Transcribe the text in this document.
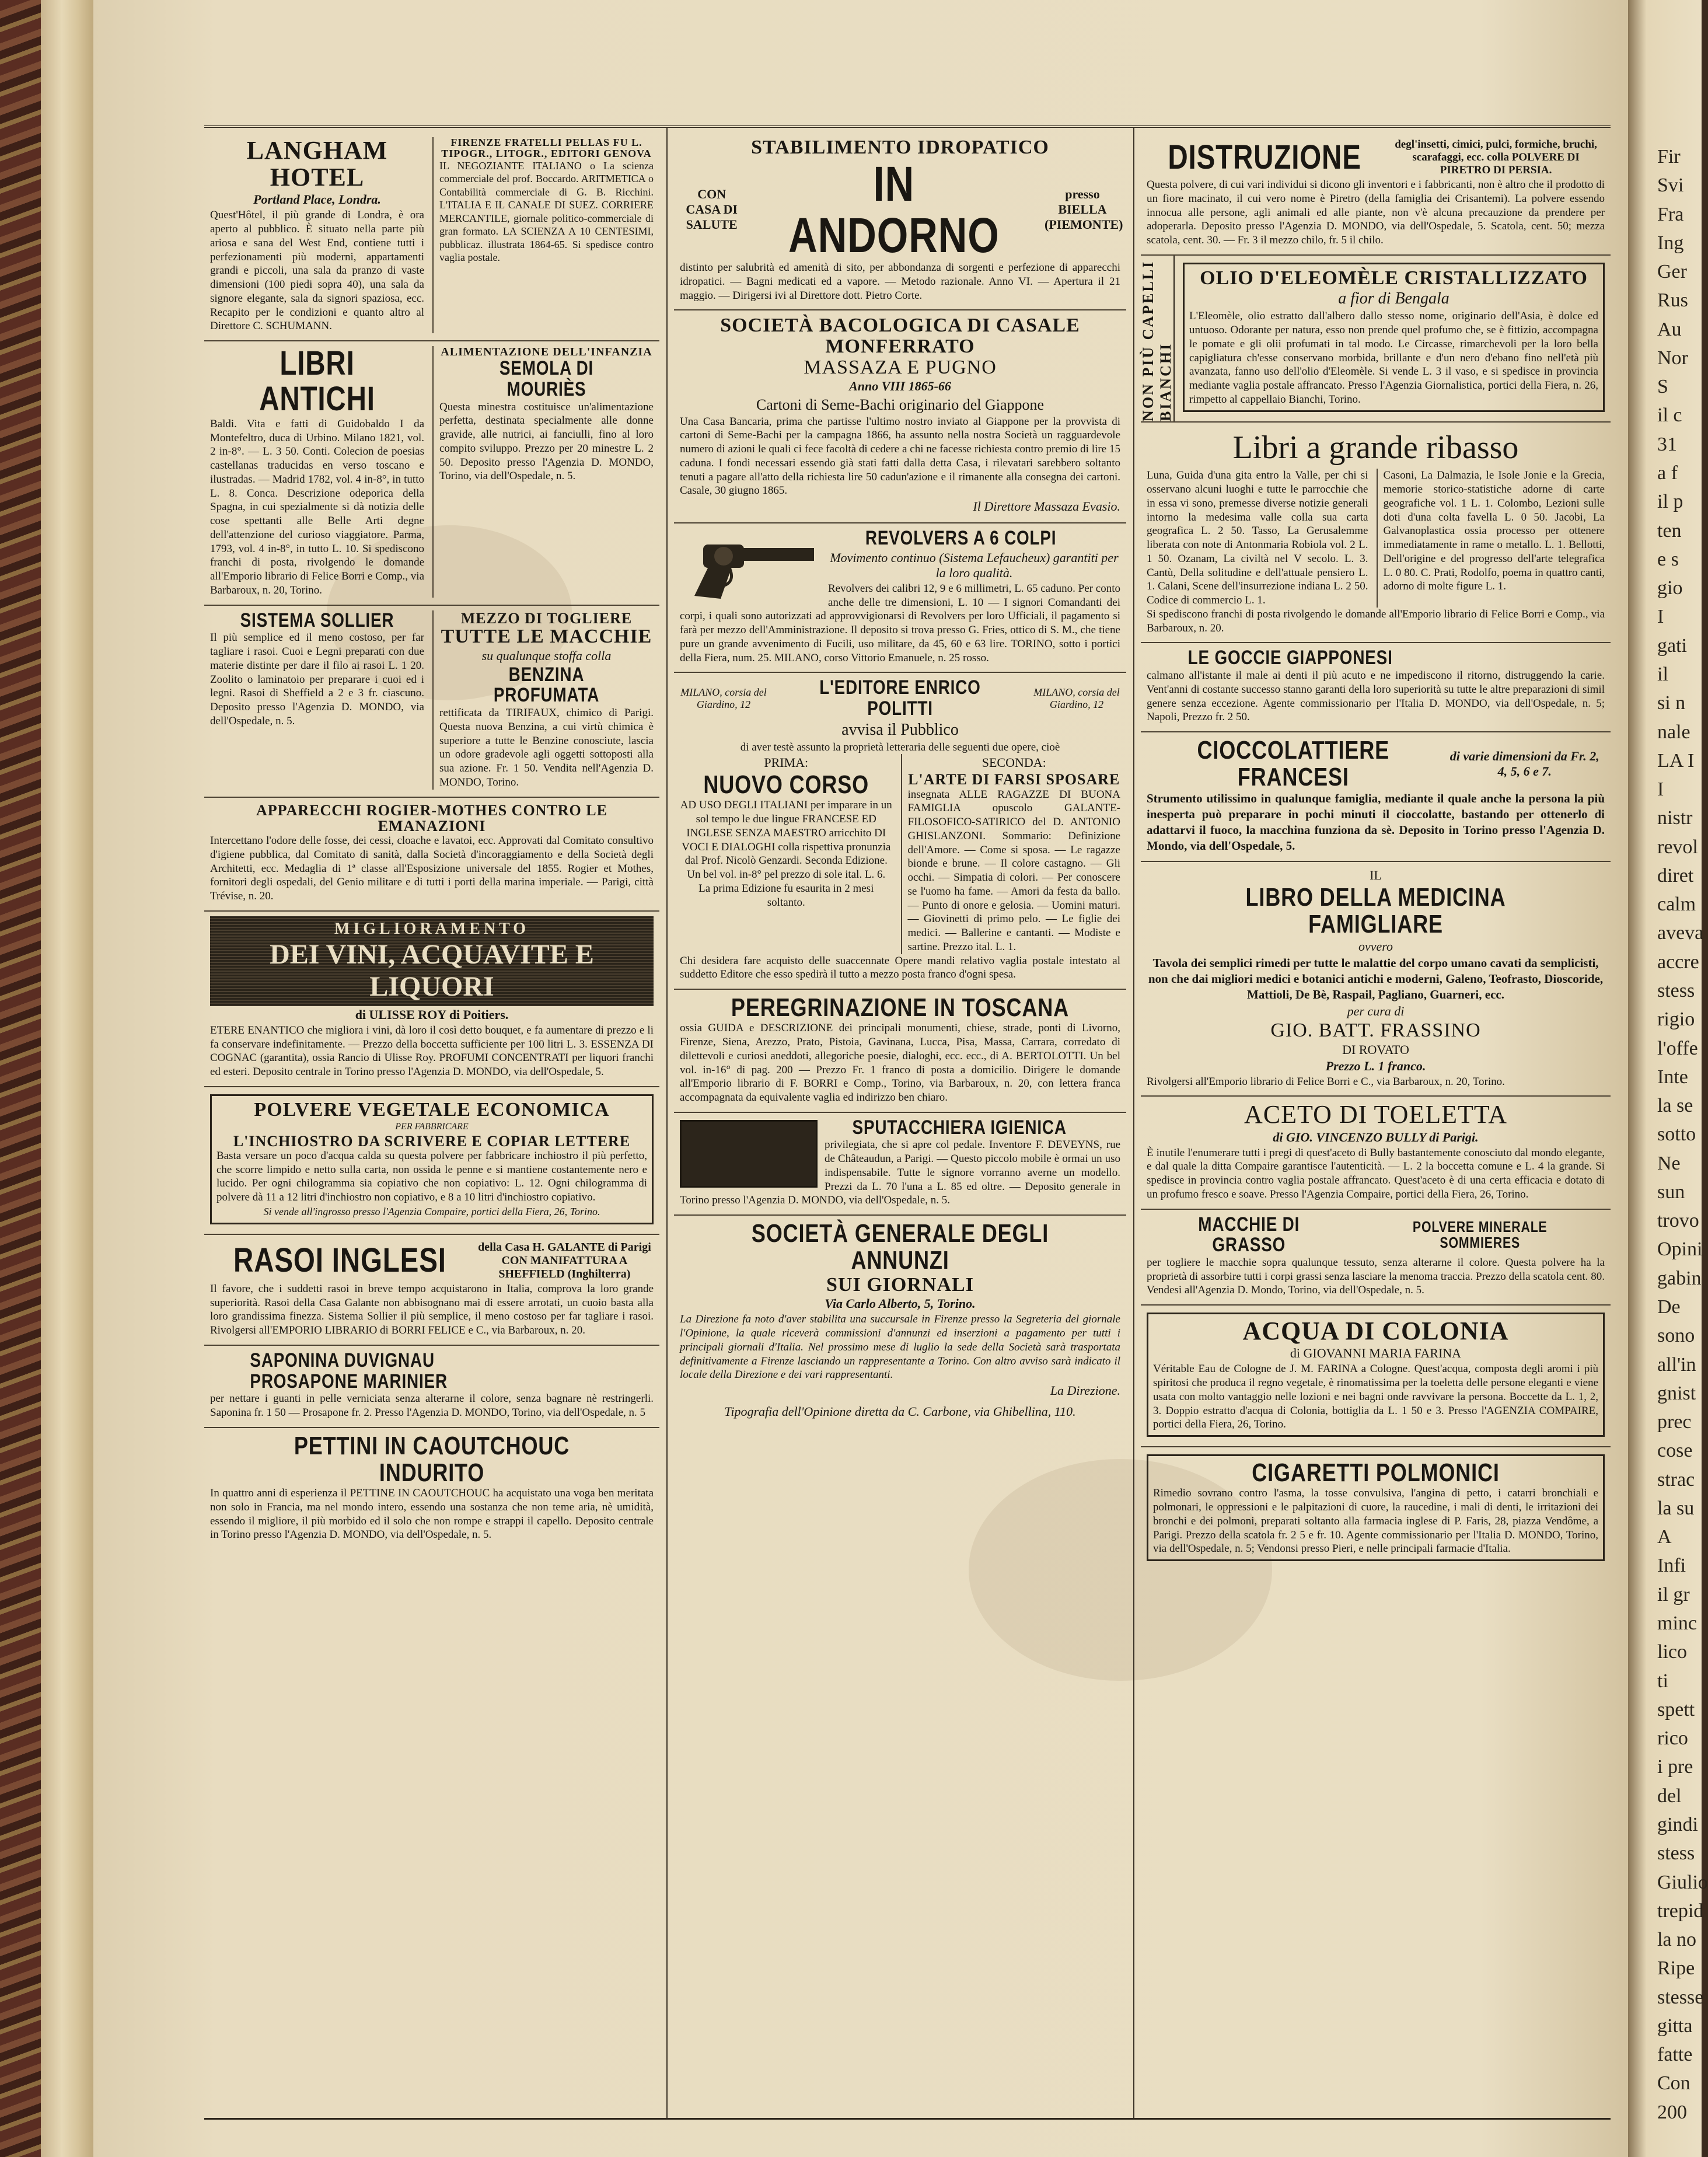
Fir
Svi
Fra
Ing
Ger
Rus
Au
Nor
S
il c
31
a f
il p
ten
e s
gio
I
gati
il
si n
nale
LA I
I
nistr
revol
diret
calm
aveva
accre
stess
rigio
l'offe
Inte
la se
sotto
Ne
sun
trovo
Opini
gabin
De
sono
all'in
gnist
prec
cose
strac
la su
A
Infi
il gr
minc
lico
ti
spett
rico
i pre
del
gindi
stess
Giulio
trepid
la no
Ripe
stesse
gitta
fatte
Con
200
LANGHAM HOTEL
Portland Place, Londra.
Quest'Hôtel, il più grande di Londra, è ora aperto al pubblico. È situato nella parte più ariosa e sana del West End, contiene tutti i perfezionamenti più moderni, appartamenti grandi e piccoli, una sala da pranzo di vaste dimensioni (100 piedi sopra 40), una sala da signore elegante, sala da signori spaziosa, ecc. Recapito per le condizioni e quanto altro al Direttore C. SCHUMANN.
FIRENZE FRATELLI PELLAS FU L. TIPOGR., LITOGR., EDITORI GENOVA
IL NEGOZIANTE ITALIANO o La scienza commerciale del prof. Boccardo. ARITMETICA o Contabilità commerciale di G. B. Ricchini. L'ITALIA E IL CANALE DI SUEZ. CORRIERE MERCANTILE, giornale politico-commerciale di gran formato. LA SCIENZA A 10 CENTESIMI, pubblicaz. illustrata 1864-65. Si spedisce contro vaglia postale.
LIBRI ANTICHI
Baldi. Vita e fatti di Guidobaldo I da Montefeltro, duca di Urbino. Milano 1821, vol. 2 in-8°. — L. 3 50. Conti. Colecion de poesias castellanas traducidas en verso toscano e ilustradas. — Madrid 1782, vol. 4 in-8°, in tutto L. 8. Conca. Descrizione odeporica della Spagna, in cui spezialmente si dà notizia delle cose spettanti alle Belle Arti degne dell'attenzione del curioso viaggiatore. Parma, 1793, vol. 4 in-8°, in tutto L. 10. Si spediscono franchi di posta, rivolgendo le domande all'Emporio librario di Felice Borri e Comp., via Barbaroux, n. 20, Torino.
ALIMENTAZIONE DELL'INFANZIA
SEMOLA DI MOURIÈS
Questa minestra costituisce un'alimentazione perfetta, destinata specialmente alle donne gravide, alle nutrici, ai fanciulli, fino al loro compito sviluppo. Prezzo per 20 minestre L. 2 50. Deposito presso l'Agenzia D. MONDO, Torino, via dell'Ospedale, n. 5.
SISTEMA SOLLIER
Il più semplice ed il meno costoso, per far tagliare i rasoi. Cuoi e Legni preparati con due materie distinte per dare il filo ai rasoi L. 1 20. Zoolito o laminatoio per preparare i cuoi ed i legni. Rasoi di Sheffield a 2 e 3 fr. ciascuno. Deposito presso l'Agenzia D. MONDO, via dell'Ospedale, n. 5.
MEZZO DI TOGLIERE
TUTTE LE MACCHIE
su qualunque stoffa colla
BENZINA PROFUMATA
rettificata da TIRIFAUX, chimico di Parigi. Questa nuova Benzina, a cui virtù chimica è superiore a tutte le Benzine conosciute, lascia un odore gradevole agli oggetti sottoposti alla sua azione. Fr. 1 50. Vendita nell'Agenzia D. MONDO, Torino.
APPARECCHI ROGIER-MOTHES CONTRO LE EMANAZIONI
Intercettano l'odore delle fosse, dei cessi, cloache e lavatoi, ecc. Approvati dal Comitato consultivo d'igiene pubblica, dal Comitato di sanità, dalla Società d'incoraggiamento e della Società degli Architetti, ecc. Medaglia di 1ª classe all'Esposizione universale del 1855. Rogier et Mothes, fornitori degli ospedali, del Genio militare e di tutti i porti della marina imperiale. — Parigi, città Trévise, n. 20.
MIGLIORAMENTO
DEI VINI, ACQUAVITE E LIQUORI
di ULISSE ROY di Poitiers.
ETERE ENANTICO che migliora i vini, dà loro il così detto bouquet, e fa aumentare di prezzo e li fa conservare indefinitamente. — Prezzo della boccetta sufficiente per 100 litri L. 3. ESSENZA DI COGNAC (garantita), ossia Rancio di Ulisse Roy. PROFUMI CONCENTRATI per liquori franchi ed esteri. Deposito centrale in Torino presso l'Agenzia D. MONDO, via dell'Ospedale, 5.
POLVERE VEGETALE ECONOMICA
PER FABBRICARE
L'INCHIOSTRO DA SCRIVERE E COPIAR LETTERE
Basta versare un poco d'acqua calda su questa polvere per fabbricare inchiostro il più perfetto, che scorre limpido e netto sulla carta, non ossida le penne e si mantiene costantemente nero e lucido. Per ogni chilogramma sia copiativo che non copiativo: L. 12. Ogni chilogramma di polvere dà 11 a 12 litri d'inchiostro non copiativo, e 8 a 10 litri d'inchiostro copiativo.
Si vende all'ingrosso presso l'Agenzia Compaire, portici della Fiera, 26, Torino.
RASOI INGLESI	della Casa H. GALANTE di Parigi CON MANIFATTURA A SHEFFIELD (Inghilterra)
Il favore, che i suddetti rasoi in breve tempo acquistarono in Italia, comprova la loro grande superiorità. Rasoi della Casa Galante non abbisognano mai di essere arrotati, un cuoio basta alla loro grandissima finezza. Sistema Sollier il più semplice, il meno costoso per far tagliare i rasoi. Rivolgersi all'EMPORIO LIBRARIO di BORRI FELICE e C., via Barbaroux, n. 20.
SAPONINA DUVIGNAU
PROSAPONE MARINIER
per nettare i guanti in pelle verniciata senza alterarne il colore, senza bagnare nè restringerli. Saponina fr. 1 50 — Prosapone fr. 2. Presso l'Agenzia D. MONDO, Torino, via dell'Ospedale, n. 5
PETTINI IN CAOUTCHOUC INDURITO
In quattro anni di esperienza il PETTINE IN CAOUTCHOUC ha acquistato una voga ben meritata non solo in Francia, ma nel mondo intero, essendo una sostanza che non teme aria, nè umidità, essendo il migliore, il più morbido ed il solo che non rompe e strappi il capello. Deposito centrale in Torino presso l'Agenzia D. MONDO, via dell'Ospedale, n. 5.
STABILIMENTO IDROPATICO
CON CASA DI SALUTE
IN ANDORNO
presso BIELLA (PIEMONTE)
distinto per salubrità ed amenità di sito, per abbondanza di sorgenti e perfezione di apparecchi idropatici. — Bagni medicati ed a vapore. — Metodo razionale. Anno VI. — Apertura il 21 maggio. — Dirigersi ivi al Direttore dott. Pietro Corte.
SOCIETÀ BACOLOGICA DI CASALE MONFERRATO
MASSAZA E PUGNO
Anno VIII 1865-66
Cartoni di Seme-Bachi originario del Giappone
Una Casa Bancaria, prima che partisse l'ultimo nostro inviato al Giappone per la provvista di cartoni di Seme-Bachi per la campagna 1866, ha assunto nella nostra Società un ragguardevole numero di azioni le quali ci fece facoltà di cedere a chi ne facesse richiesta contro premio di lire 15 caduna. I fondi necessari essendo già stati fatti dalla detta Casa, i rilevatari sarebbero soltanto tenuti a pagare all'atto della richiesta lire 50 cadun'azione e il rimanente alla consegna dei cartoni. Casale, 30 giugno 1865.
Il Direttore Massaza Evasio.
REVOLVERS A 6 COLPI
Movimento continuo (Sistema Lefaucheux) garantiti per la loro qualità.
Revolvers dei calibri 12, 9 e 6 millimetri, L. 65 caduno. Per conto anche delle tre dimensioni, L. 10 — I signori Comandanti dei corpi, i quali sono autorizzati ad approvvigionarsi di Revolvers per loro Ufficiali, il pagamento si farà per mezzo dell'Amministrazione. Il deposito si trova presso G. Fries, ottico di S. M., che tiene pure un grande avvenimento di Fucili, uso militare, da 45, 60 e 63 lire. TORINO, sotto i portici della Fiera, num. 25. MILANO, corso Vittorio Emanuele, n. 25 rosso.
MILANO, corsia del Giardino, 12
L'EDITORE ENRICO POLITTI
MILANO, corsia del Giardino, 12
avvisa il Pubblico
di aver testè assunto la proprietà letteraria delle seguenti due opere, cioè
PRIMA:
NUOVO CORSO
AD USO DEGLI ITALIANI per imparare in un sol tempo le due lingue FRANCESE ED INGLESE SENZA MAESTRO arricchito DI VOCI E DIALOGHI colla rispettiva pronunzia dal Prof. Nicolò Genzardi. Seconda Edizione. Un bel vol. in-8° pel prezzo di sole ital. L. 6. La prima Edizione fu esaurita in 2 mesi soltanto.
SECONDA:
L'ARTE DI FARSI SPOSARE
insegnata ALLE RAGAZZE DI BUONA FAMIGLIA opuscolo GALANTE-FILOSOFICO-SATIRICO del D. ANTONIO GHISLANZONI. Sommario: Definizione dell'Amore. — Come si sposa. — Le ragazze bionde e brune. — Il colore castagno. — Gli occhi. — Simpatia di colori. — Per conoscere se l'uomo ha fame. — Amori da festa da ballo. — Punto di onore e gelosia. — Uomini maturi. — Giovinetti di primo pelo. — Le figlie dei medici. — Ballerine e cantanti. — Modiste e sartine. Prezzo ital. L. 1.
Chi desidera fare acquisto delle suaccennate Opere mandi relativo vaglia postale intestato al suddetto Editore che esso spedirà il tutto a mezzo posta franco d'ogni spesa.
PEREGRINAZIONE IN TOSCANA
ossia GUIDA e DESCRIZIONE dei principali monumenti, chiese, strade, ponti di Livorno, Firenze, Siena, Arezzo, Prato, Pistoia, Gavinana, Lucca, Pisa, Massa, Carrara, corredato di dilettevoli e curiosi aneddoti, allegoriche poesie, dialoghi, ecc. ecc., di A. BERTOLOTTI. Un bel vol. in-16° di pag. 200 — Prezzo Fr. 1 franco di posta a domicilio. Dirigere le domande all'Emporio librario di F. BORRI e Comp., Torino, via Barbaroux, n. 20, con lettera franca accompagnata da equivalente vaglia ed indirizzo ben chiaro.
SPUTACCHIERA IGIENICA
privilegiata, che si apre col pedale. Inventore F. DEVEYNS, rue de Châteaudun, a Parigi. — Questo piccolo mobile è ormai un uso indispensabile. Tutte le signore vorranno averne un modello. Prezzi da L. 70 l'una a L. 85 ed oltre. — Deposito generale in Torino presso l'Agenzia D. MONDO, via dell'Ospedale, n. 5.
SOCIETÀ GENERALE DEGLI ANNUNZI
SUI GIORNALI
Via Carlo Alberto, 5, Torino.
La Direzione fa noto d'aver stabilita una succursale in Firenze presso la Segreteria del giornale l'Opinione, la quale riceverà commissioni d'annunzi ed inserzioni a pagamento per tutti i principali giornali d'Italia. Nel prossimo mese di luglio la sede della Società sarà trasportata definitivamente a Firenze lasciando un rappresentante a Torino. Con altro avviso sarà indicato il locale della Direzione e dei vari rappresentanti.
La Direzione.
Tipografia dell'Opinione diretta da C. Carbone, via Ghibellina, 110.
DISTRUZIONE	degl'insetti, cimici, pulci, formiche, bruchi, scarafaggi, ecc. colla POLVERE DI PIRETRO DI PERSIA.
Questa polvere, di cui vari individui si dicono gli inventori e i fabbricanti, non è altro che il prodotto di un fiore macinato, il cui vero nome è Piretro (della famiglia dei Crisantemi). La polvere essendo innocua alle persone, agli animali ed alle piante, non v'è alcuna precauzione da prendere per adoperarla. Deposito presso l'Agenzia D. MONDO, via dell'Ospedale, 5. Scatola, cent. 50; mezza scatola, cent. 30. — Fr. 3 il mezzo chilo, fr. 5 il chilo.
NON PIÙ CAPELLI BIANCHI
OLIO D'ELEOMÈLE CRISTALLIZZATO
a fior di Bengala
L'Eleomèle, olio estratto dall'albero dallo stesso nome, originario dell'Asia, è dolce ed untuoso. Odorante per natura, esso non prende quel profumo che, se è fittizio, accompagna le pomate e gli olii profumati in tal modo. Le Circasse, rimarchevoli per la loro bella capigliatura ch'esse conservano morbida, brillante e d'un nero d'ebano fino nell'età più avanzata, fanno uso dell'olio d'Eleomèle. Si vende L. 3 il vaso, e si spedisce in provincia mediante vaglia postale affrancato. Presso l'Agenzia Giornalistica, portici della Fiera, n. 26, rimpetto al cappellaio Bianchi, Torino.
Libri a grande ribasso
Luna, Guida d'una gita entro la Valle, per chi si osservano alcuni luoghi e tutte le parrocchie che in essa vi sono, premesse diverse notizie generali intorno la medesima valle colla sua carta geografica L. 2 50. Tasso, La Gerusalemme liberata con note di Antonmaria Robiola vol. 2 L. 1 50. Ozanam, La civiltà nel V secolo. L. 3. Cantù, Della solitudine e dell'attuale pensiero L. 1. Calani, Scene dell'insurrezione indiana L. 2 50. Codice di commercio L. 1.
Casoni, La Dalmazia, le Isole Jonie e la Grecia, memorie storico-statistiche adorne di carte geografiche vol. 1 L. 1. Colombo, Lezioni sulle doti d'una colta favella L. 0 50. Jacobi, La Galvanoplastica ossia processo per ottenere immediatamente in rame o metallo. L. 1. Bellotti, Dell'origine e del progresso dell'arte telegrafica L. 0 80. C. Prati, Rodolfo, poema in quattro canti, adorno di molte figure L. 1.
Si spediscono franchi di posta rivolgendo le domande all'Emporio librario di Felice Borri e Comp., via Barbaroux, n. 20.
LE GOCCIE GIAPPONESI
calmano all'istante il male ai denti il più acuto e ne impediscono il ritorno, distruggendo la carie. Vent'anni di costante successo stanno garanti della loro superiorità su tutte le altre preparazioni di simil genere senza eccezione. Agente commissionario per l'Italia D. MONDO, via dell'Ospedale, n. 5; Napoli, Prezzo fr. 2 50.
CIOCCOLATTIERE FRANCESI
di varie dimensioni da Fr. 2, 4, 5, 6 e 7.
Strumento utilissimo in qualunque famiglia, mediante il quale anche la persona la più inesperta può preparare in pochi minuti il cioccolatte, bastando per ottenerlo di adattarvi il fuoco, la macchina funziona da sè. Deposito in Torino presso l'Agenzia D. Mondo, via dell'Ospedale, 5.
IL
LIBRO DELLA MEDICINA FAMIGLIARE
ovvero
Tavola dei semplici rimedi per tutte le malattie del corpo umano cavati da semplicisti, non che dai migliori medici e botanici antichi e moderni, Galeno, Teofrasto, Dioscoride, Mattioli, De Bè, Raspail, Pagliano, Guarneri, ecc.
per cura di
GIO. BATT. FRASSINO
DI ROVATO
Prezzo L. 1 franco.
Rivolgersi all'Emporio librario di Felice Borri e C., via Barbaroux, n. 20, Torino.
ACETO DI TOELETTA
di GIO. VINCENZO BULLY di Parigi.
È inutile l'enumerare tutti i pregi di quest'aceto di Bully bastantemente conosciuto dal mondo elegante, e dal quale la ditta Compaire garantisce l'autenticità. — L. 2 la boccetta comune e L. 4 la grande. Si spedisce in provincia contro vaglia postale affrancato. Quest'aceto è di una certa efficacia e dotato di un profumo fresco e soave. Presso l'Agenzia Compaire, portici della Fiera, 26, Torino.
MACCHIE DI GRASSO
POLVERE MINERALE SOMMIERES
per togliere le macchie sopra qualunque tessuto, senza alterarne il colore. Questa polvere ha la proprietà di assorbire tutti i corpi grassi senza lasciare la menoma traccia. Prezzo della scatola cent. 80. Vendesi all'Agenzia D. Mondo, Torino, via dell'Ospedale, n. 5.
ACQUA DI COLONIA
di GIOVANNI MARIA FARINA
Véritable Eau de Cologne de J. M. FARINA a Cologne. Quest'acqua, composta degli aromi i più spiritosi che produca il regno vegetale, è rinomatissima per la toeletta delle persone eleganti e viene usata con molto vantaggio nelle lozioni e nei bagni onde ravvivare la persona. Boccette da L. 1, 2, 3. Doppio estratto d'acqua di Colonia, bottiglia da L. 1 50 e 3. Presso l'AGENZIA COMPAIRE, portici della Fiera, 26, Torino.
CIGARETTI POLMONICI
Rimedio sovrano contro l'asma, la tosse convulsiva, l'angina di petto, i catarri bronchiali e polmonari, le oppressioni e le palpitazioni di cuore, la raucedine, i mali di denti, le irritazioni dei bronchi e dei polmoni, preparati soltanto alla farmacia inglese di P. Faris, 28, piazza Vendôme, a Parigi. Prezzo della scatola fr. 2 5 e fr. 10. Agente commissionario per l'Italia D. MONDO, Torino, via dell'Ospedale, n. 5; Vendonsi presso Pieri, e nelle principali farmacie d'Italia.
